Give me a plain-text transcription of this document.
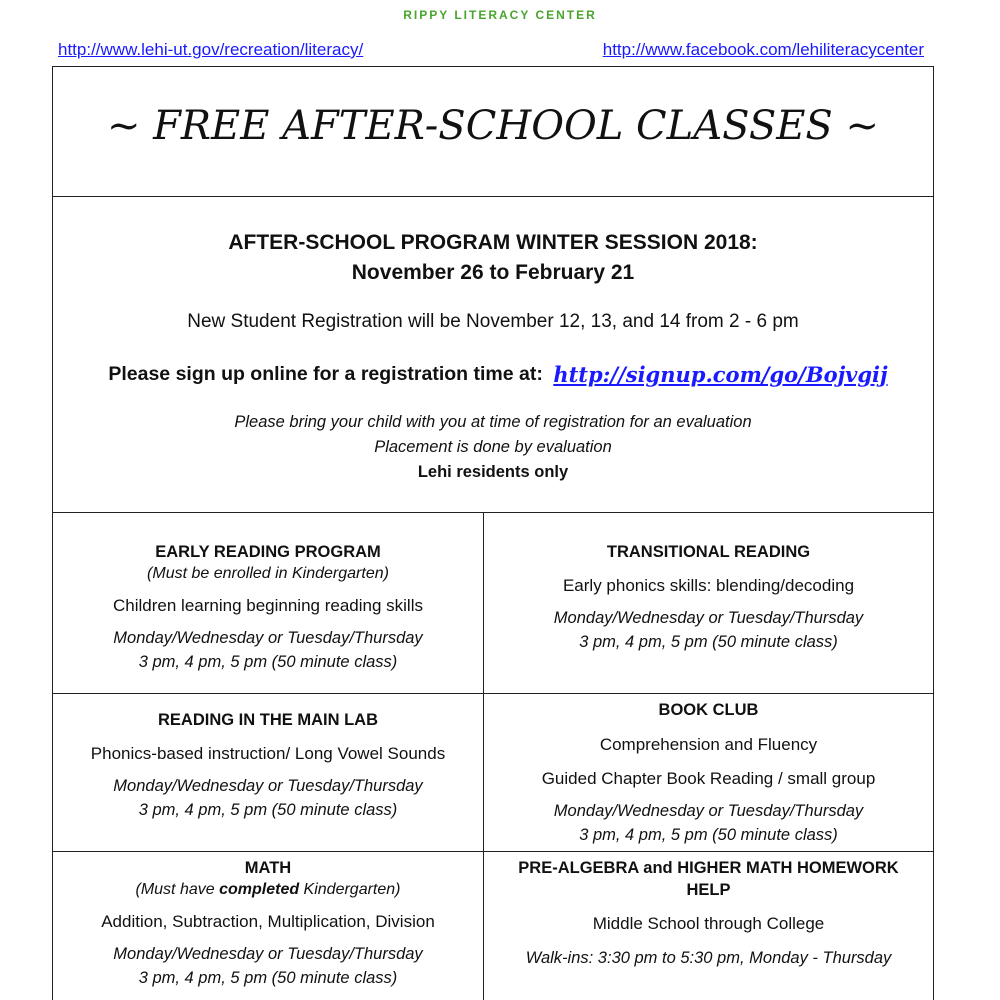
RIPPY LITERACY CENTER
http://www.lehi-ut.gov/recreation/literacy/	http://www.facebook.com/lehiliteracycenter
~ FREE AFTER-SCHOOL CLASSES ~
AFTER-SCHOOL PROGRAM WINTER SESSION 2018:
November 26 to February 21
New Student Registration will be November 12, 13, and 14 from 2 - 6 pm
Please sign up online for a registration time at: http://signup.com/go/Bojvgij
Please bring your child with you at time of registration for an evaluation
Placement is done by evaluation
Lehi residents only
EARLY READING PROGRAM
(Must be enrolled in Kindergarten)
Children learning beginning reading skills
Monday/Wednesday or Tuesday/Thursday
3 pm, 4 pm, 5 pm (50 minute class)
TRANSITIONAL READING
Early phonics skills: blending/decoding
Monday/Wednesday or Tuesday/Thursday
3 pm, 4 pm, 5 pm (50 minute class)
READING IN THE MAIN LAB
Phonics-based instruction/ Long Vowel Sounds
Monday/Wednesday or Tuesday/Thursday
3 pm, 4 pm, 5 pm (50 minute class)
BOOK CLUB
Comprehension and Fluency
Guided Chapter Book Reading / small group
Monday/Wednesday or Tuesday/Thursday
3 pm, 4 pm, 5 pm (50 minute class)
MATH
(Must have completed Kindergarten)
Addition, Subtraction, Multiplication, Division
Monday/Wednesday or Tuesday/Thursday
3 pm, 4 pm, 5 pm (50 minute class)
PRE-ALGEBRA and HIGHER MATH HOMEWORK
HELP
Middle School through College
Walk-ins: 3:30 pm to 5:30 pm, Monday - Thursday
